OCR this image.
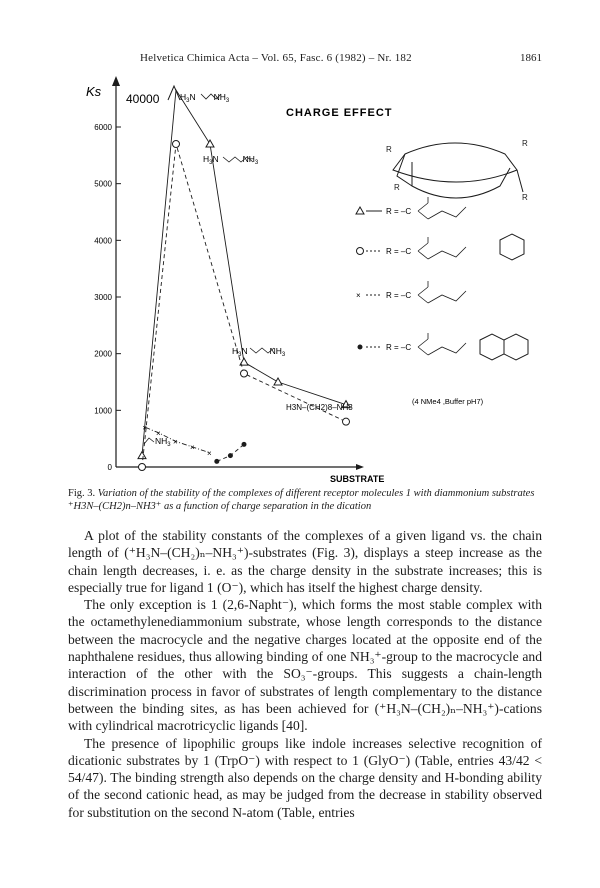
Helvetica Chimica Acta – Vol. 65, Fasc. 6 (1982) – Nr. 182	1861
Ks 40000
CHARGE EFFECT
SUBSTRATE
0
1000
2000
3000
4000
5000
6000
×
×
×
×
×
$H_3N$ $NH_3$
$H_3N$	$NH_3$
$H_3N$	$NH_3$
H3N–(CH2)8–NH3
$NH_3$
R
R
R
R
R = –C
R = –C
×	R = –C
R = –C
(4 NMe4 ,Buffer pH7)
Fig. 3. Variation of the stability of the complexes of different receptor molecules 1 with diammonium substrates ⁺H3N–(CH2)n–NH3⁺ as a function of charge separation in the dication

A plot of the stability constants of the complexes of a given ligand vs. the chain length of (⁺H₃N–(CH₂)ₙ–NH₃⁺)-substrates (Fig. 3), displays a steep increase as the chain length decreases, i. e. as the charge density in the substrate increases; this is especially true for ligand 1 (O⁻), which has itself the highest charge density.

The only exception is 1 (2,6-Napht⁻), which forms the most stable complex with the octamethylenediammonium substrate, whose length corresponds to the distance between the macrocycle and the negative charges located at the opposite end of the naphthalene residues, thus allowing binding of one NH₃⁺-group to the macrocycle and interaction of the other with the SO₃⁻-groups. This suggests a chain-length discrimination process in favor of substrates of length complementary to the distance between the binding sites, as has been achieved for (⁺H₃N–(CH₂)ₙ–NH₃⁺)-cations with cylindrical macrotricyclic ligands [40].

The presence of lipophilic groups like indole increases selective recognition of dicationic substrates by 1 (TrpO⁻) with respect to 1 (GlyO⁻) (Table, entries 43/42 < 54/47). The binding strength also depends on the charge density and H-bonding ability of the second cationic head, as may be judged from the decrease in stability observed for substitution on the second N-atom (Table, entries
